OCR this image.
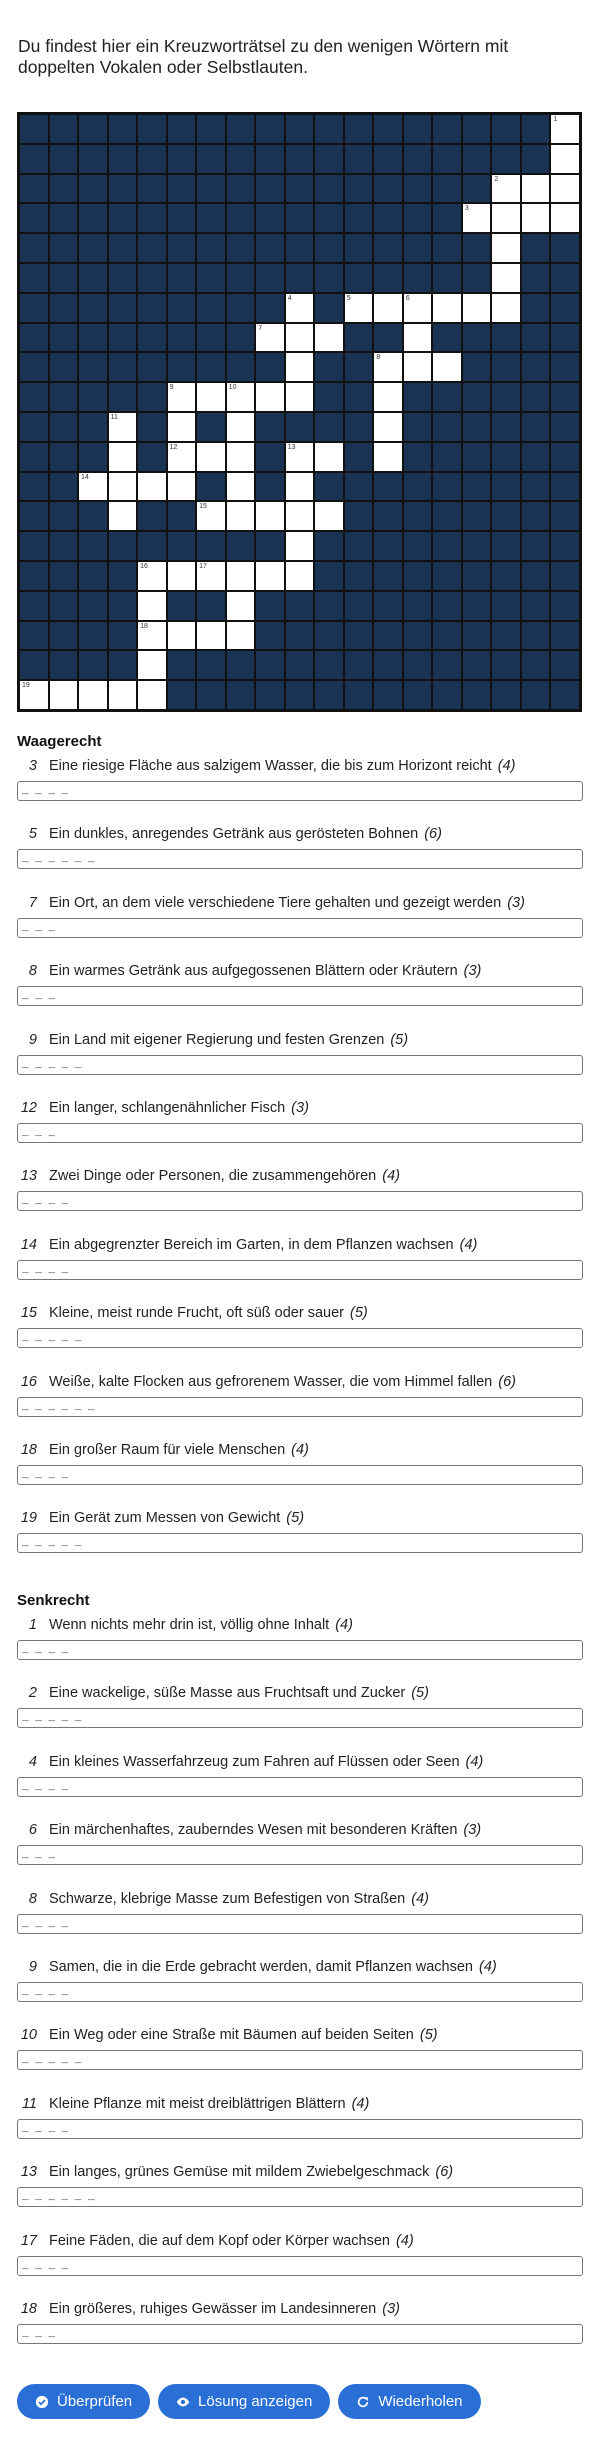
Du findest hier ein Kreuzworträtsel zu den wenigen Wörtern mit doppelten Vokalen oder Selbstlauten.

1
2
3
4	5	6
7
8
9	10
11
12	13
14
15
16	17
18
19
Waagerecht
3 Eine riesige Fläche aus salzigem Wasser, die bis zum Horizont reicht (4)
_ _ _ _
5 Ein dunkles, anregendes Getränk aus gerösteten Bohnen (6)
_ _ _ _ _ _
7 Ein Ort, an dem viele verschiedene Tiere gehalten und gezeigt werden (3)
_ _ _
8 Ein warmes Getränk aus aufgegossenen Blättern oder Kräutern (3)
_ _ _
9 Ein Land mit eigener Regierung und festen Grenzen (5)
_ _ _ _ _
12 Ein langer, schlangenähnlicher Fisch (3)
_ _ _
13 Zwei Dinge oder Personen, die zusammengehören (4)
_ _ _ _
14 Ein abgegrenzter Bereich im Garten, in dem Pflanzen wachsen (4)
_ _ _ _
15 Kleine, meist runde Frucht, oft süß oder sauer (5)
_ _ _ _ _
16 Weiße, kalte Flocken aus gefrorenem Wasser, die vom Himmel fallen (6)
_ _ _ _ _ _
18 Ein großer Raum für viele Menschen (4)
_ _ _ _
19 Ein Gerät zum Messen von Gewicht (5)
_ _ _ _ _
Senkrecht
1 Wenn nichts mehr drin ist, völlig ohne Inhalt (4)
_ _ _ _
2 Eine wackelige, süße Masse aus Fruchtsaft und Zucker (5)
_ _ _ _ _
4 Ein kleines Wasserfahrzeug zum Fahren auf Flüssen oder Seen (4)
_ _ _ _
6 Ein märchenhaftes, zauberndes Wesen mit besonderen Kräften (3)
_ _ _
8 Schwarze, klebrige Masse zum Befestigen von Straßen (4)
_ _ _ _
9 Samen, die in die Erde gebracht werden, damit Pflanzen wachsen (4)
_ _ _ _
10 Ein Weg oder eine Straße mit Bäumen auf beiden Seiten (5)
_ _ _ _ _
11 Kleine Pflanze mit meist dreiblättrigen Blättern (4)
_ _ _ _
13 Ein langes, grünes Gemüse mit mildem Zwiebelgeschmack (6)
_ _ _ _ _ _
17 Feine Fäden, die auf dem Kopf oder Körper wachsen (4)
_ _ _ _
18 Ein größeres, ruhiges Gewässer im Landesinneren (3)
_ _ _
Überprüfen	Lösung anzeigen	Wiederholen
